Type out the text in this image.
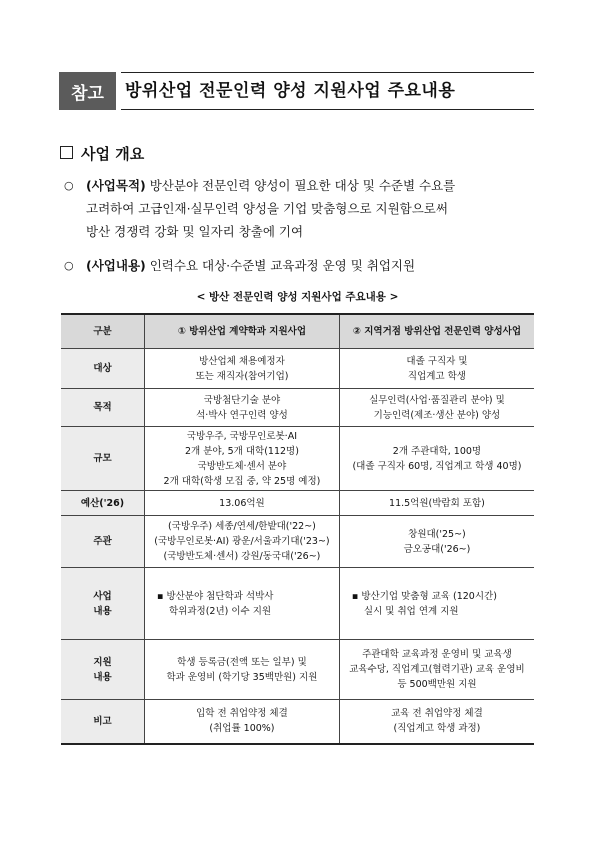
참고	방위산업 전문인력 양성 지원사업 주요내용
사업 개요
○ (사업목적) 방산분야 전문인력 양성이 필요한 대상 및 수준별 수요를
고려하여 고급인재·실무인력 양성을 기업 맞춤형으로 지원함으로써
방산 경쟁력 강화 및 일자리 창출에 기여
○ (사업내용) 인력수요 대상·수준별 교육과정 운영 및 취업지원
< 방산 전문인력 양성 지원사업 주요내용 >
구분	① 방위산업 계약학과 지원사업	② 지역거점 방위산업 전문인력 양성사업

대상	방산업체 채용예정자
또는 재직자(참여기업)	대졸 구직자 및
직업계고 학생

목적	국방첨단기술 분야
석·박사 연구인력 양성	실무인력(사업·품질관리 분야) 및
기능인력(제조·생산 분야) 양성

규모	국방우주, 국방무인로봇·AI
2개 분야, 5개 대학(112명)
국방반도체·센서 분야
2개 대학(학생 모집 중, 약 25명 예정)	2개 주관대학, 100명
(대졸 구직자 60명, 직업계고 학생 40명)

예산('26)	13.06억원	11.5억원(박람회 포함)

주관	(국방우주) 세종/연세/한밭대('22~)
(국방무인로봇·AI) 광운/서울과기대('23~)
(국방반도체·센서) 강원/동국대('26~)	창원대('25~)
금오공대('26~)

사업
내용	▪ 방산분야 첨단학과 석박사
학위과정(2년) 이수 지원	▪ 방산기업 맞춤형 교육 (120시간)
실시 및 취업 연계 지원

지원
내용	학생 등록금(전액 또는 일부) 및
학과 운영비 (학기당 35백만원) 지원	주관대학 교육과정 운영비 및 교육생
교육수당, 직업계고(협력기관) 교육 운영비
등 500백만원 지원

비고	입학 전 취업약정 체결
(취업률 100%)	교육 전 취업약정 체결
(직업계고 학생 과정)
